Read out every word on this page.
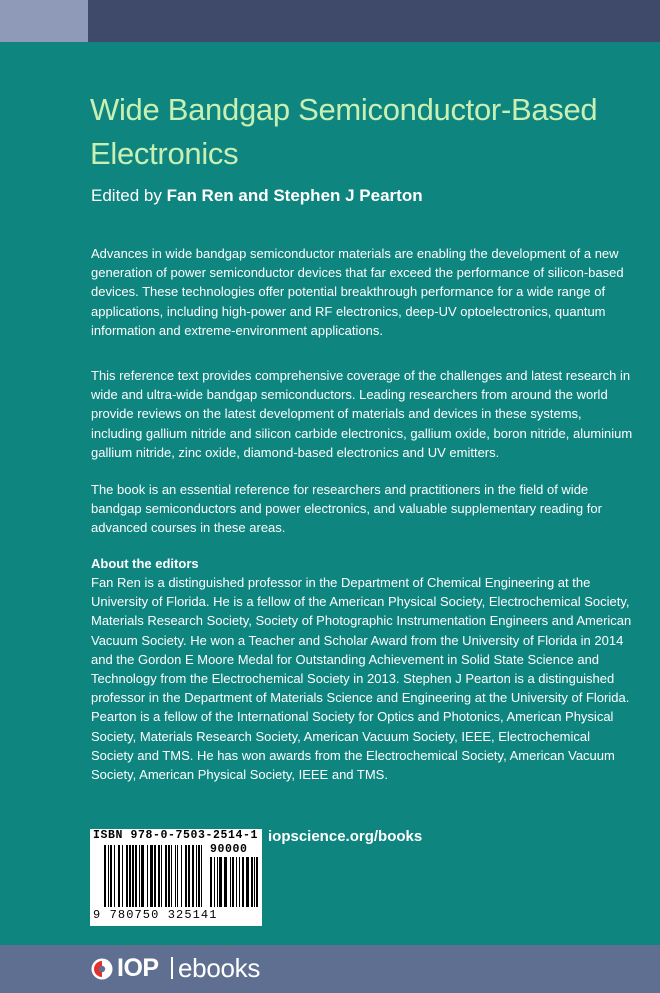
Wide Bandgap Semiconductor-Based Electronics
Edited by Fan Ren and Stephen J Pearton

Advances in wide bandgap semiconductor materials are enabling the development of a new generation of power semiconductor devices that far exceed the performance of silicon-based devices. These technologies offer potential breakthrough performance for a wide range of applications, including high-power and RF electronics, deep-UV optoelectronics, quantum information and extreme-environment applications.

This reference text provides comprehensive coverage of the challenges and latest research in wide and ultra-wide bandgap semiconductors. Leading researchers from around the world provide reviews on the latest development of materials and devices in these systems, including gallium nitride and silicon carbide electronics, gallium oxide, boron nitride, aluminium gallium nitride, zinc oxide, diamond-based electronics and UV emitters.

The book is an essential reference for researchers and practitioners in the field of wide bandgap semiconductors and power electronics, and valuable supplementary reading for advanced courses in these areas.

About the editors

Fan Ren is a distinguished professor in the Department of Chemical Engineering at the University of Florida. He is a fellow of the American Physical Society, Electrochemical Society, Materials Research Society, Society of Photographic Instrumentation Engineers and American Vacuum Society. He won a Teacher and Scholar Award from the University of Florida in 2014 and the Gordon E Moore Medal for Outstanding Achievement in Solid State Science and Technology from the Electrochemical Society in 2013. Stephen J Pearton is a distinguished professor in the Department of Materials Science and Engineering at the University of Florida. Pearton is a fellow of the International Society for Optics and Photonics, American Physical Society, Materials Research Society, American Vacuum Society, IEEE, Electrochemical Society and TMS. He has won awards from the Electrochemical Society, American Vacuum Society, American Physical Society, IEEE and TMS.

ISBN 978-0-7503-2514-1
90000
9 780750 325141
iopscience.org/books
IOP ebooks
